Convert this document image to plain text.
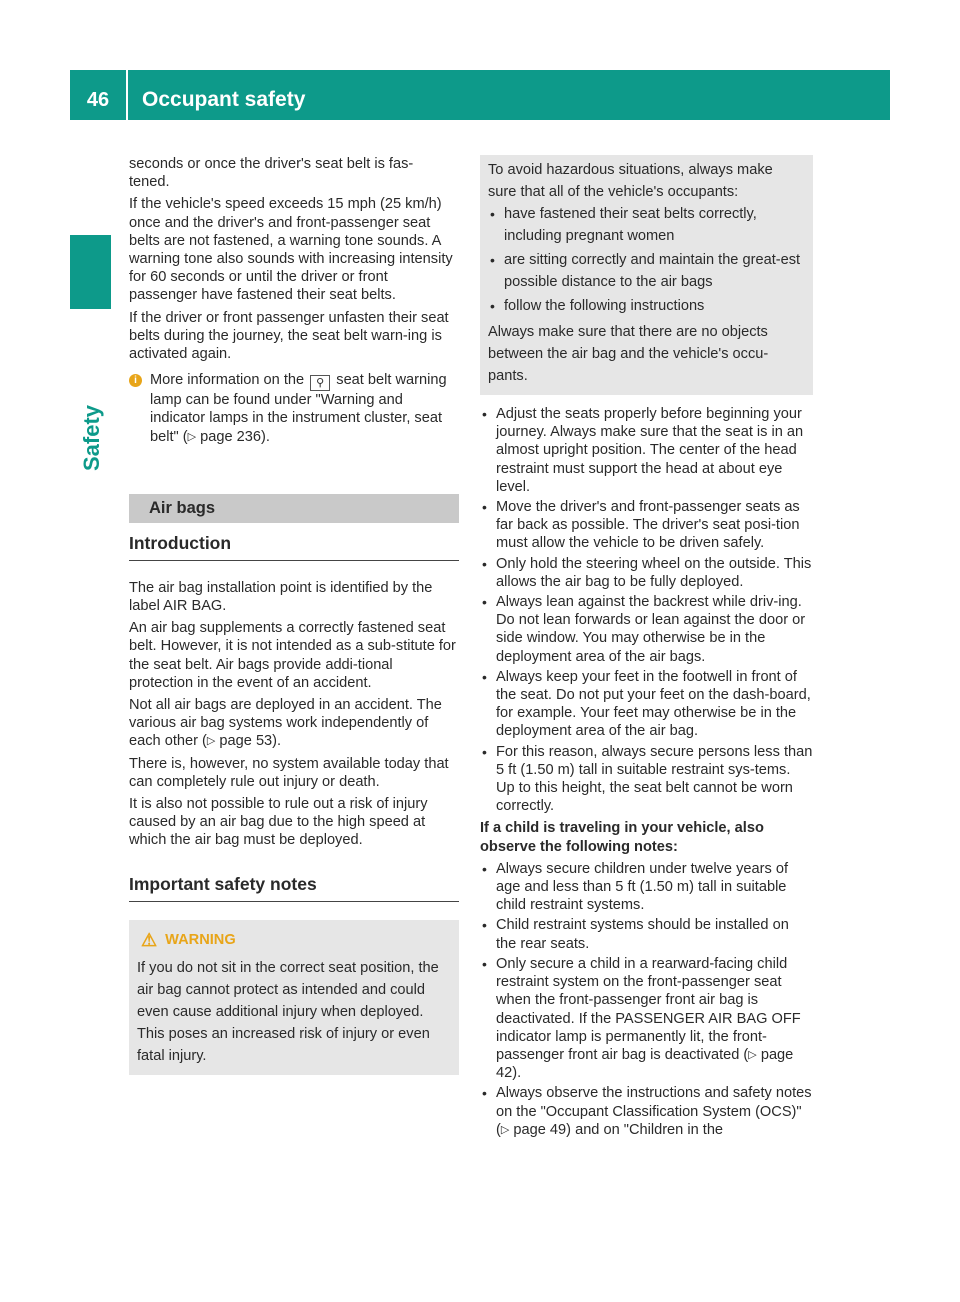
46	Occupant safety
Safety

seconds or once the driver's seat belt is fas-
tened.

If the vehicle's speed exceeds 15 mph (25 km/h) once and the driver's and front-passenger seat belts are not fastened, a warning tone sounds. A warning tone also sounds with increasing intensity for 60 seconds or until the driver or front passenger have fastened their seat belts.

If the driver or front passenger unfasten their seat belts during the journey, the seat belt warn-ing is activated again.

i More information on the ⚲ seat belt warning lamp can be found under "Warning and indicator lamps in the instrument cluster, seat belt" (▷ page 236).

Air bags
Introduction

The air bag installation point is identified by the label AIR BAG.

An air bag supplements a correctly fastened seat belt. However, it is not intended as a sub-stitute for the seat belt. Air bags provide addi-tional protection in the event of an accident.

Not all air bags are deployed in an accident. The various air bag systems work independently of each other (▷ page 53).

There is, however, no system available today that can completely rule out injury or death.

It is also not possible to rule out a risk of injury caused by an air bag due to the high speed at which the air bag must be deployed.

Important safety notes
⚠ WARNING

If you do not sit in the correct seat position, the air bag cannot protect as intended and could even cause additional injury when deployed. This poses an increased risk of injury or even fatal injury.

To avoid hazardous situations, always make sure that all of the vehicle's occupants:

• have fastened their seat belts correctly, including pregnant women
• are sitting correctly and maintain the great-est possible distance to the air bags
• follow the following instructions

Always make sure that there are no objects between the air bag and the vehicle's occu-pants.

• Adjust the seats properly before beginning your journey. Always make sure that the seat is in an almost upright position. The center of the head restraint must support the head at about eye level.
• Move the driver's and front-passenger seats as far back as possible. The driver's seat posi-tion must allow the vehicle to be driven safely.
• Only hold the steering wheel on the outside. This allows the air bag to be fully deployed.
• Always lean against the backrest while driv-ing. Do not lean forwards or lean against the door or side window. You may otherwise be in the deployment area of the air bags.
• Always keep your feet in the footwell in front of the seat. Do not put your feet on the dash-board, for example. Your feet may otherwise be in the deployment area of the air bag.
• For this reason, always secure persons less than 5 ft (1.50 m) tall in suitable restraint sys-tems. Up to this height, the seat belt cannot be worn correctly.

If a child is traveling in your vehicle, also observe the following notes:

• Always secure children under twelve years of age and less than 5 ft (1.50 m) tall in suitable child restraint systems.
• Child restraint systems should be installed on the rear seats.
• Only secure a child in a rearward-facing child restraint system on the front-passenger seat when the front-passenger front air bag is deactivated. If the PASSENGER AIR BAG OFF indicator lamp is permanently lit, the front-passenger front air bag is deactivated (▷ page 42).
• Always observe the instructions and safety notes on the "Occupant Classification System (OCS)" (▷ page 49) and on "Children in the
